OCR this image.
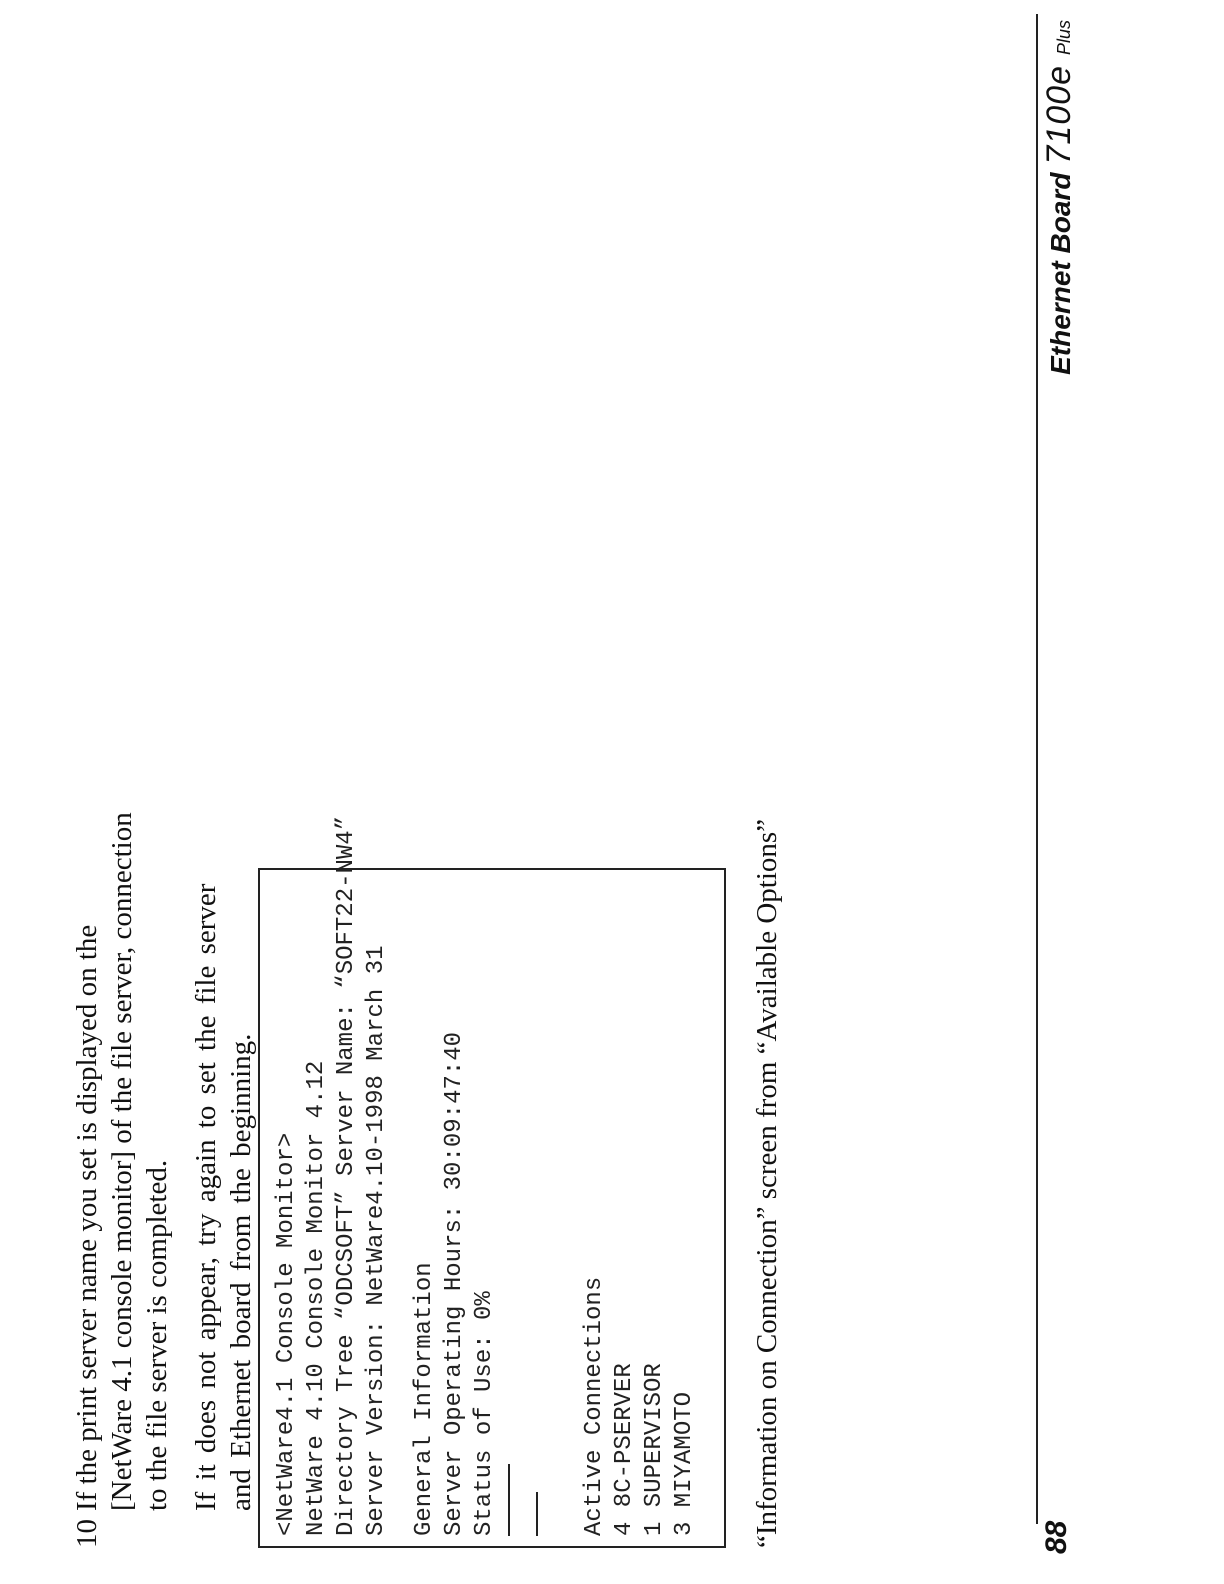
10

If the print server name you set is displayed on the [NetWare 4.1 console monitor] of the file server, connection to the file server is completed. If it does not appear, try again to set the file server and Ethernet board from the beginning. <NetWare4.1 Console Monitor> NetWare 4.10 Console Monitor 4.12 Directory Tree “ODCSOFT” Server Name: “SOFT22-NW4” Server Version: NetWare4.10-1998 March 31 General Information Server Operating Hours: 30:09:47:40 Status of Use: 0%	Active Connections 4 8C-PSERVER 1 SUPERVISOR 3 MIYAMOTO “Information on Connection” screen from “Available Options”	88
Ethernet Board7100ePlus
